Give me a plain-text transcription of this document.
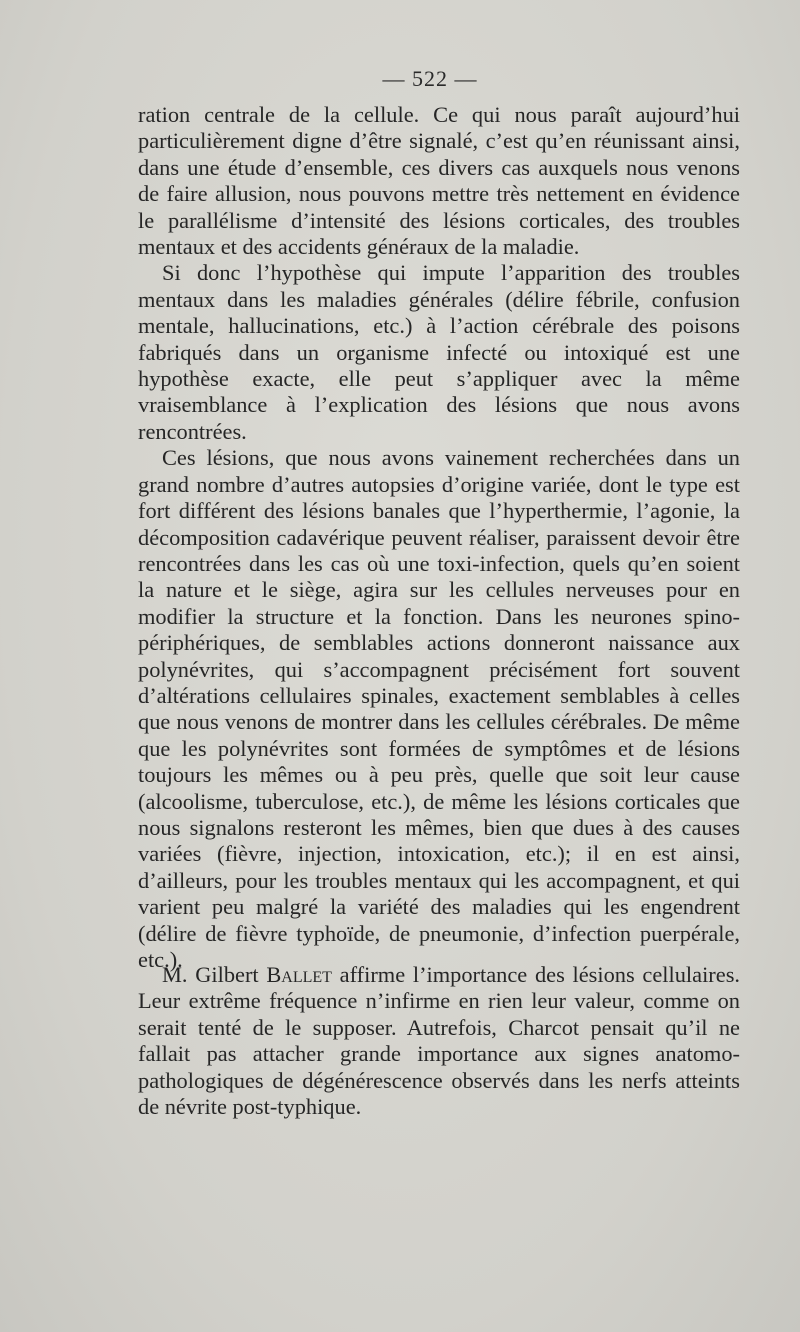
— 522 —

ration centrale de la cellule. Ce qui nous paraît aujourd’hui particulièrement digne d’être signalé, c’est qu’en réunissant ainsi, dans une étude d’ensemble, ces divers cas auxquels nous venons de faire allusion, nous pouvons mettre très nettement en évidence le parallélisme d’intensité des lésions corticales, des troubles mentaux et des accidents généraux de la maladie.

Si donc l’hypothèse qui impute l’apparition des troubles mentaux dans les maladies générales (délire fébrile, confusion mentale, hallucinations, etc.) à l’action cérébrale des poisons fabriqués dans un organisme infecté ou intoxiqué est une hypothèse exacte, elle peut s’appliquer avec la même vraisemblance à l’explication des lésions que nous avons rencontrées.

Ces lésions, que nous avons vainement recherchées dans un grand nombre d’autres autopsies d’origine variée, dont le type est fort différent des lésions banales que l’hyperthermie, l’agonie, la décomposition cadavérique peuvent réaliser, paraissent devoir être rencontrées dans les cas où une toxi-infection, quels qu’en soient la nature et le siège, agira sur les cellules nerveuses pour en modifier la structure et la fonction. Dans les neurones spino-périphériques, de semblables actions donneront naissance aux polynévrites, qui s’accompagnent précisément fort souvent d’altérations cellulaires spinales, exactement semblables à celles que nous venons de montrer dans les cellules cérébrales. De même que les polynévrites sont formées de symptômes et de lésions toujours les mêmes ou à peu près, quelle que soit leur cause (alcoolisme, tuberculose, etc.), de même les lésions corticales que nous signalons resteront les mêmes, bien que dues à des causes variées (fièvre, injection, intoxication, etc.); il en est ainsi, d’ailleurs, pour les troubles mentaux qui les accompagnent, et qui varient peu malgré la variété des maladies qui les engendrent (délire de fièvre typhoïde, de pneumonie, d’infection puerpérale, etc.).

M. Gilbert Ballet affirme l’importance des lésions cellulaires. Leur extrême fréquence n’infirme en rien leur valeur, comme on serait tenté de le supposer. Autrefois, Charcot pensait qu’il ne fallait pas attacher grande importance aux signes anatomo-pathologiques de dégénérescence observés dans les nerfs atteints de névrite post-typhique.
